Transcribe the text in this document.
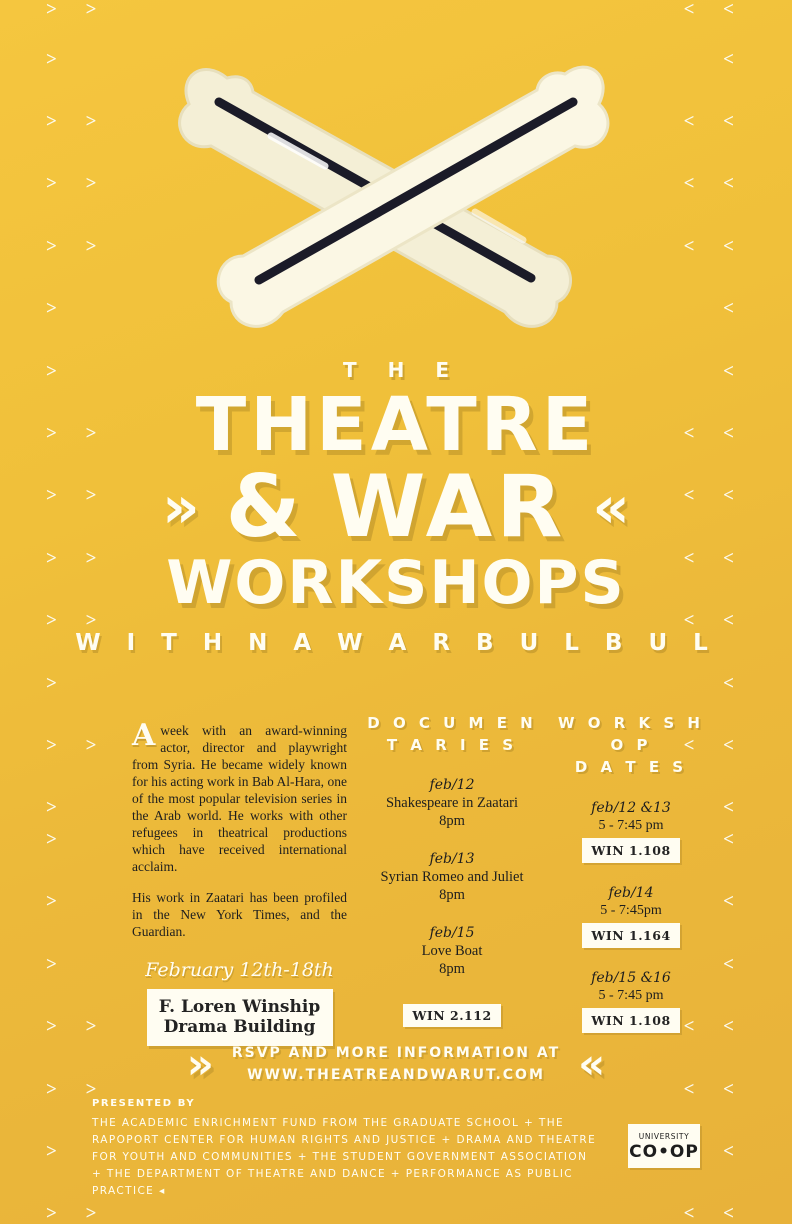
> >
>
> >
> >
> >
>
>
> >
> >
> >
> >
>
> >
>
>
>
>
> >
> >
>
> >
< <
<
< <
< <
< <
<
<
< <
< <
< <
< <
<
< <
<
<
<
<
< <
< <
<
< <
T H E
THEATRE
» & WAR «
WORKSHOPS
W I T H N A W A R B U L B U L

Aweek with an award-winning actor, director and playwright from Syria. He became widely known for his acting work in Bab Al-Hara, one of the most popular television series in the Arab world. He works with other refugees in theatrical productions which have received international acclaim.

His work in Zaatari has been profiled in the New York Times, and the Guardian.

February 12th-18th
F. Loren Winship
Drama Building
D O C U M E N T A R I E S
feb/12
Shakespeare in Zaatari
8pm
feb/13
Syrian Romeo and Juliet
8pm
feb/15
Love Boat
8pm
WIN 2.112
W O R K S H O P
D A T E S
feb/12 &13
5 - 7:45 pm
WIN 1.108
feb/14
5 - 7:45pm
WIN 1.164
feb/15 &16
5 - 7:45 pm
WIN 1.108
» RSVP AND MORE INFORMATION AT
WWW.THEATREANDWARUT.COM «
PRESENTED BY
THE ACADEMIC ENRICHMENT FUND FROM THE GRADUATE SCHOOL + THE RAPOPORT CENTER FOR HUMAN RIGHTS AND JUSTICE + DRAMA AND THEATRE FOR YOUTH AND COMMUNITIES + THE STUDENT GOVERNMENT ASSOCIATION + THE DEPARTMENT OF THEATRE AND DANCE + PERFORMANCE AS PUBLIC PRACTICE ◂
UNIVERSITY
CO•OP
